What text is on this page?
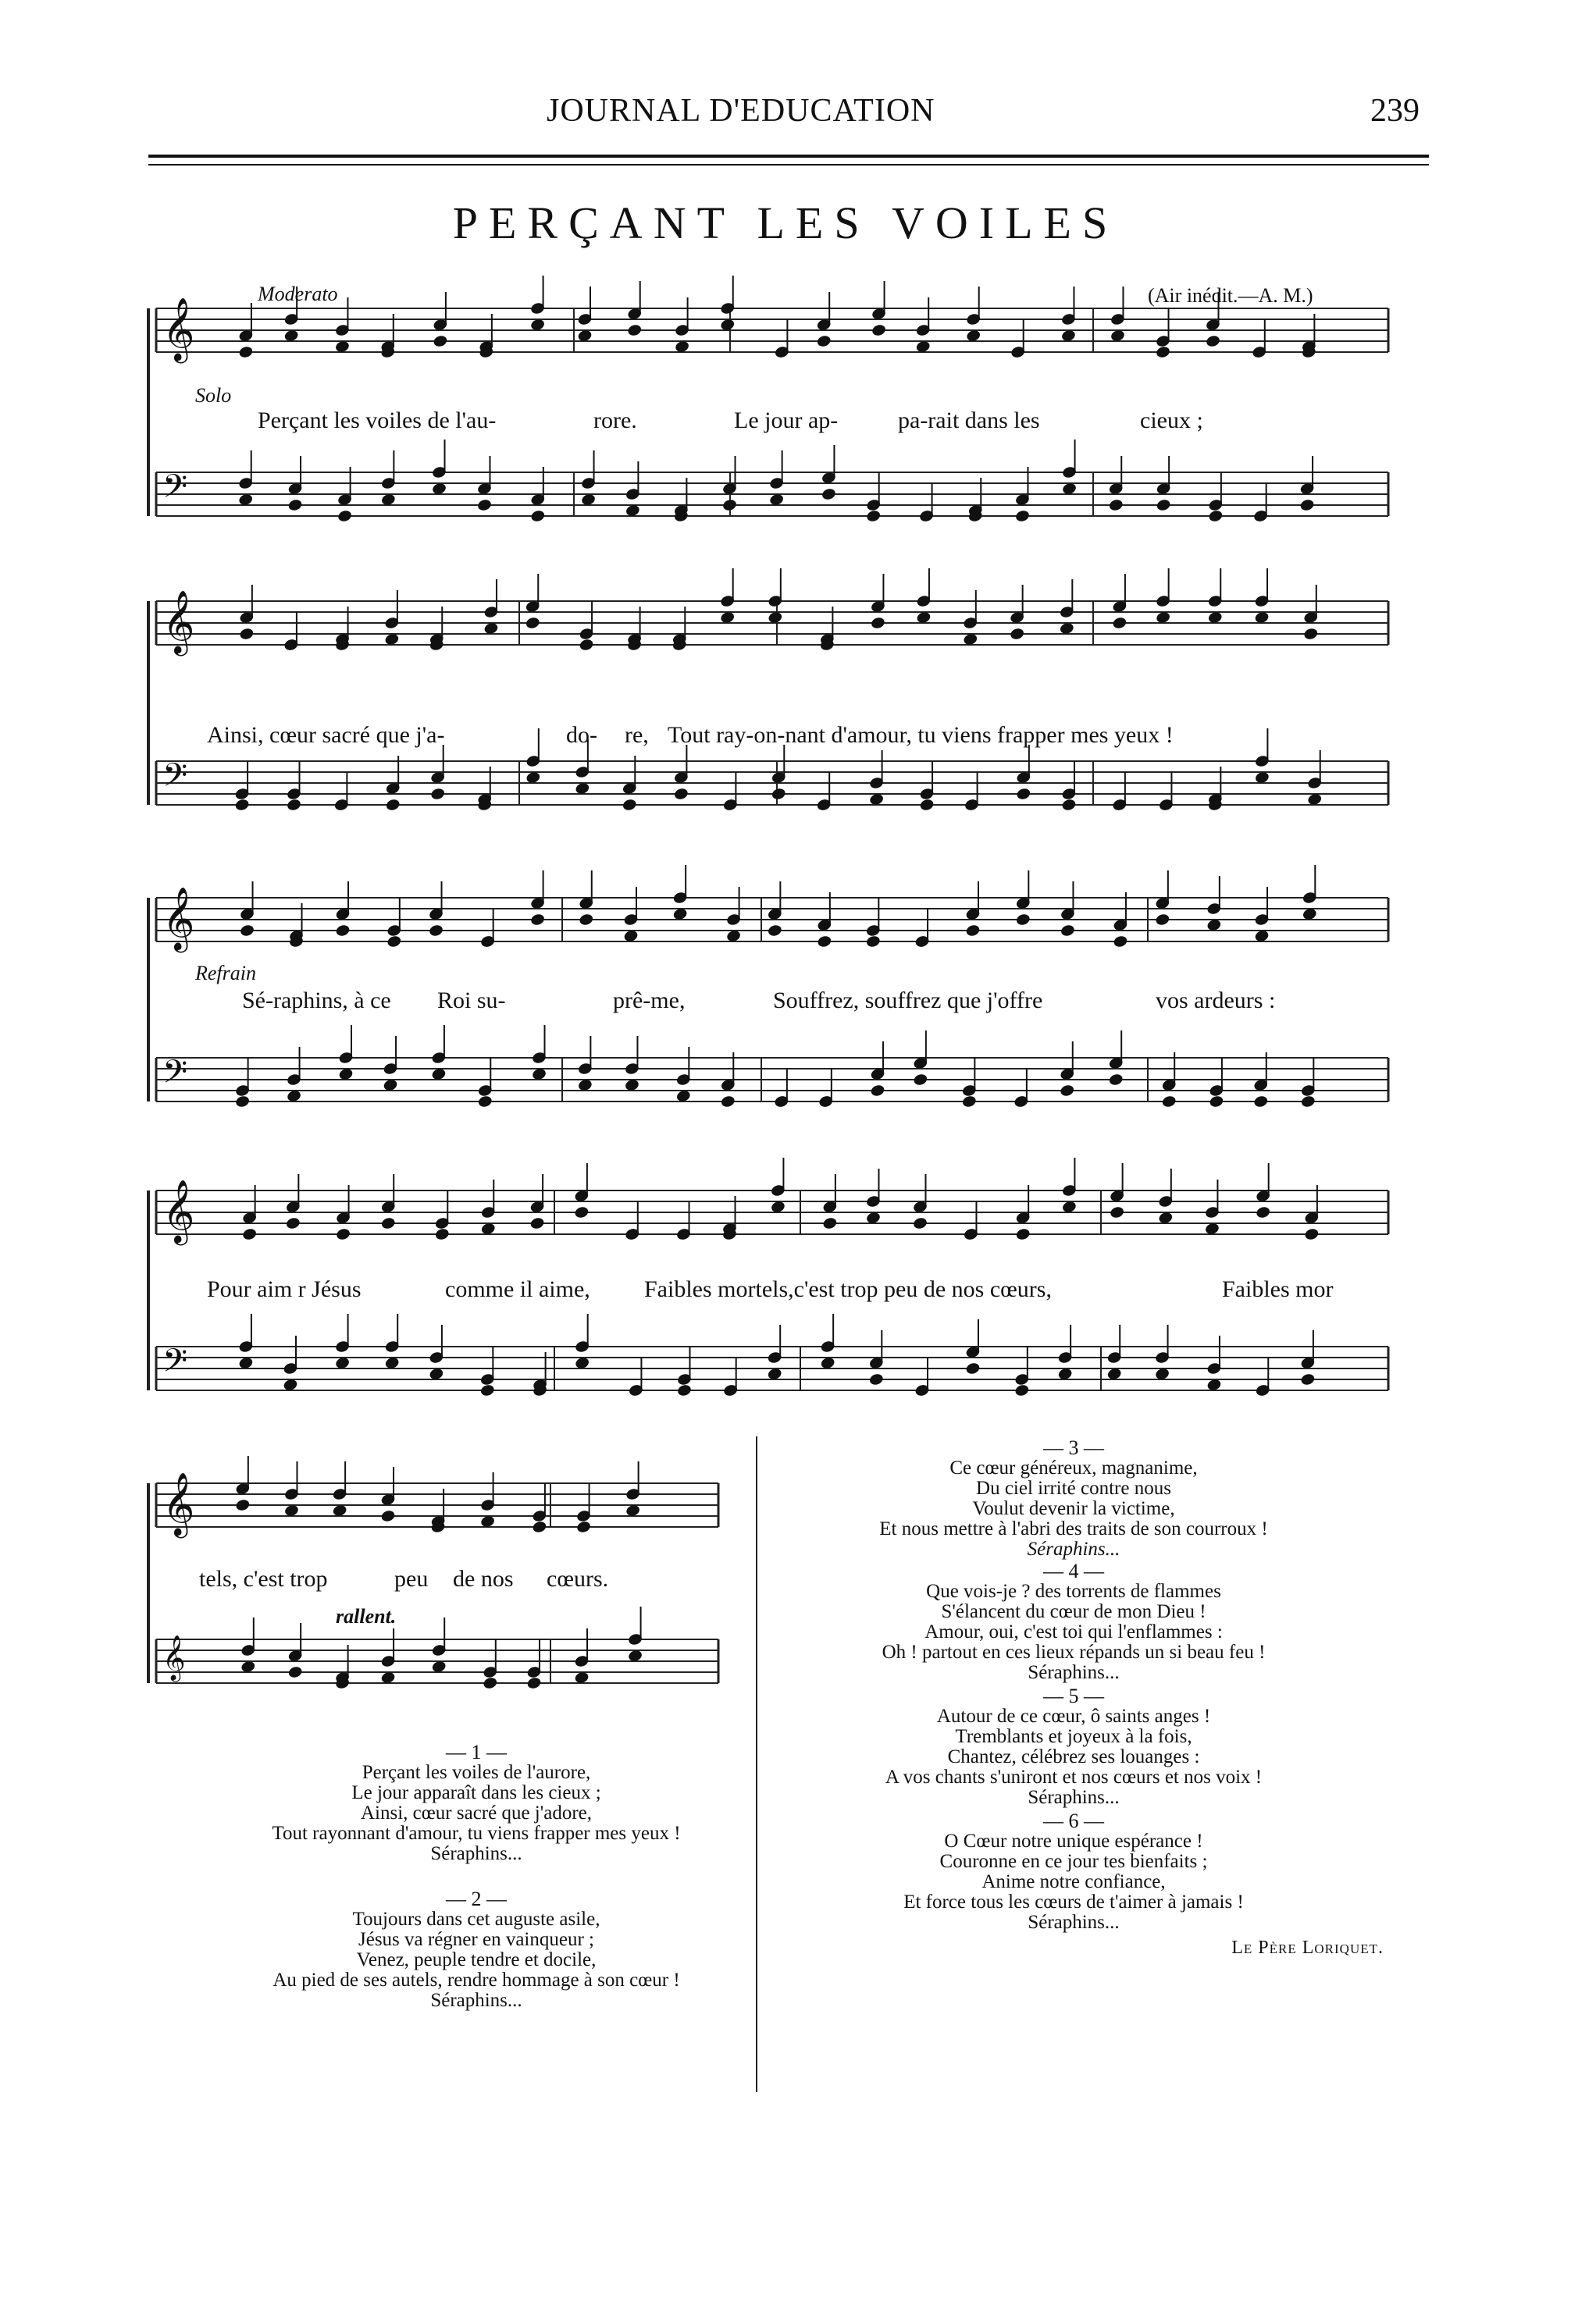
JOURNAL D'EDUCATION	239
PERÇANT LES VOILES
Moderato	(Air inédit.—A. M.)
𝄞
𝄢
𝄞
𝄢
𝄞
𝄢
𝄞
𝄢
𝄞
𝄞
Solo
Refrain
rallent.
Perçant les voiles de l'au-	rore.	Le jour ap-	pa-rait dans les	cieux ;
Ainsi, cœur sacré que j'a-	do- re, Tout ray-on-nant d'amour, tu viens frapper mes yeux !
Sé-raphins, à ce Roi su-	prê-me,	Souffrez, souffrez que j'offre	vos ardeurs :
Pour aim r Jésus	comme il aime, Faibles mortels,c'est trop peu de nos cœurs,	Faibles mor
tels, c'est trop	peu de nos cœurs.
— 1 —
Perçant les voiles de l'aurore,
Le jour apparaît dans les cieux ;
Ainsi, cœur sacré que j'adore,
Tout rayonnant d'amour, tu viens frapper mes yeux !
Séraphins...
— 2 —
Toujours dans cet auguste asile,
Jésus va régner en vainqueur ;
Venez, peuple tendre et docile,
Au pied de ses autels, rendre hommage à son cœur !
Séraphins...
— 3 —
Ce cœur généreux, magnanime,
Du ciel irrité contre nous
Voulut devenir la victime,
Et nous mettre à l'abri des traits de son courroux !
Séraphins...
— 4 —
Que vois-je ? des torrents de flammes
S'élancent du cœur de mon Dieu !
Amour, oui, c'est toi qui l'enflammes :
Oh ! partout en ces lieux répands un si beau feu !
Séraphins...
— 5 —
Autour de ce cœur, ô saints anges !
Tremblants et joyeux à la fois,
Chantez, célébrez ses louanges :
A vos chants s'uniront et nos cœurs et nos voix !
Séraphins...
— 6 —
O Cœur notre unique espérance !
Couronne en ce jour tes bienfaits ;
Anime notre confiance,
Et force tous les cœurs de t'aimer à jamais !
Séraphins...
Le Père Loriquet.
